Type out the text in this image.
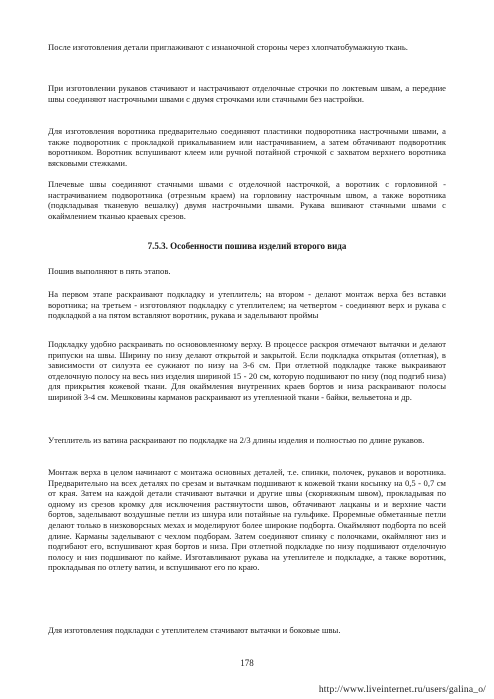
После изготовления детали приглаживают с изнаночной стороны через хлопчатобумажную ткань.

При изготовлении рукавов стачивают и настрачивают отделочные строчки по локтевым швам, а передние швы соединяют настрочными швами с двумя строчками или стачными без настройки.

Для изготовления воротника предварительно соединяют пластинки подворотника настрочными швами, а также подворотник с прокладкой прикалыванием или настрачиванием, а затем обтачивают подворотник воротником. Воротник вспушивают клеем или ручной потайной строчкой с захватом верхнего воротника вясковыми стежками.

Плечевые швы соединяют стачными швами с отделочной настрочкой, а воротник с горловиной - настрачиванием подворотника (отрезным краем) на горловину настрочным швом, а также воротника (подкладывая тканевую вешалку) двумя настрочными швами. Рукава вшивают стачными швами с окаймлением тканью краевых срезов.

7.5.3. Особенности пошива изделий второго вида

Пошив выполняют в пять этапов.

На первом этапе раскраивают подкладку и утеплитель; на втором - делают монтаж верха без вставки воротника; на третьем - изготовляют подкладку с утеплителем; на четвертом - соединяют верх и рукава с подкладкой а на пятом вставляют воротник, рукава и заделывают проймы

Подкладку удобно раскраивать по основовленному верху. В процессе раскроя отмечают вытачки и делают припуски на швы. Ширину по низу делают открытой и закрытой. Если подкладка открытая (отлетная), в зависимости от силуэта ее сужиают по низу на 3-6 см. При отлетной подкладке также выкраивают отделочную полосу на весь низ изделия шириной 15 - 20 см, которую подшивают по низу (под подгиб низа) для прикрытия кожевой ткани. Для окаймления внутренних краев бортов и низа раскраивают полосы шириной 3-4 см. Мешковины карманов раскраивают из утепленной ткани - байки, вельветона и др.

Утеплитель из ватина раскраивают по подкладке на 2/3 длины изделия и полностью по длине рукавов.

Монтаж верха в целом начинают с монтажа основных деталей, т.е. спинки, полочек, рукавов и воротника. Предварительно на всех деталях по срезам и вытачкам подшивают к кожевой ткани косынку на 0,5 - 0,7 см от края. Затем на каждой детали стачивают вытачки и другие швы (скорняжным швом), прокладывая по одному из срезов кромку для исключения растянутости швов, обтачивают лацканы и и верхние части бортов, заделывают воздушные петли из шнура или потайные на гульфике. Проремные обметанные петли делают только в низковорсных мехах и моделируют более широкие подборта. Окаймляют подборта по всей длине. Карманы заделывают с чехлом подборам. Затем соединяют спинку с полочками, окаймляют низ и подгибают его, вспушивают края бортов и низа. При отлетной подкладке по низу подшивают отделочную полосу и низ подшивают по кайме. Изготавливают рукава на утеплителе и подкладке, а также воротник, прокладывая по отлету ватин, и вспушивают его по краю.

Для изготовления подкладки с утеплителем стачивают вытачки и боковые швы.

178
http://www.liveinternet.ru/users/galina_o/
